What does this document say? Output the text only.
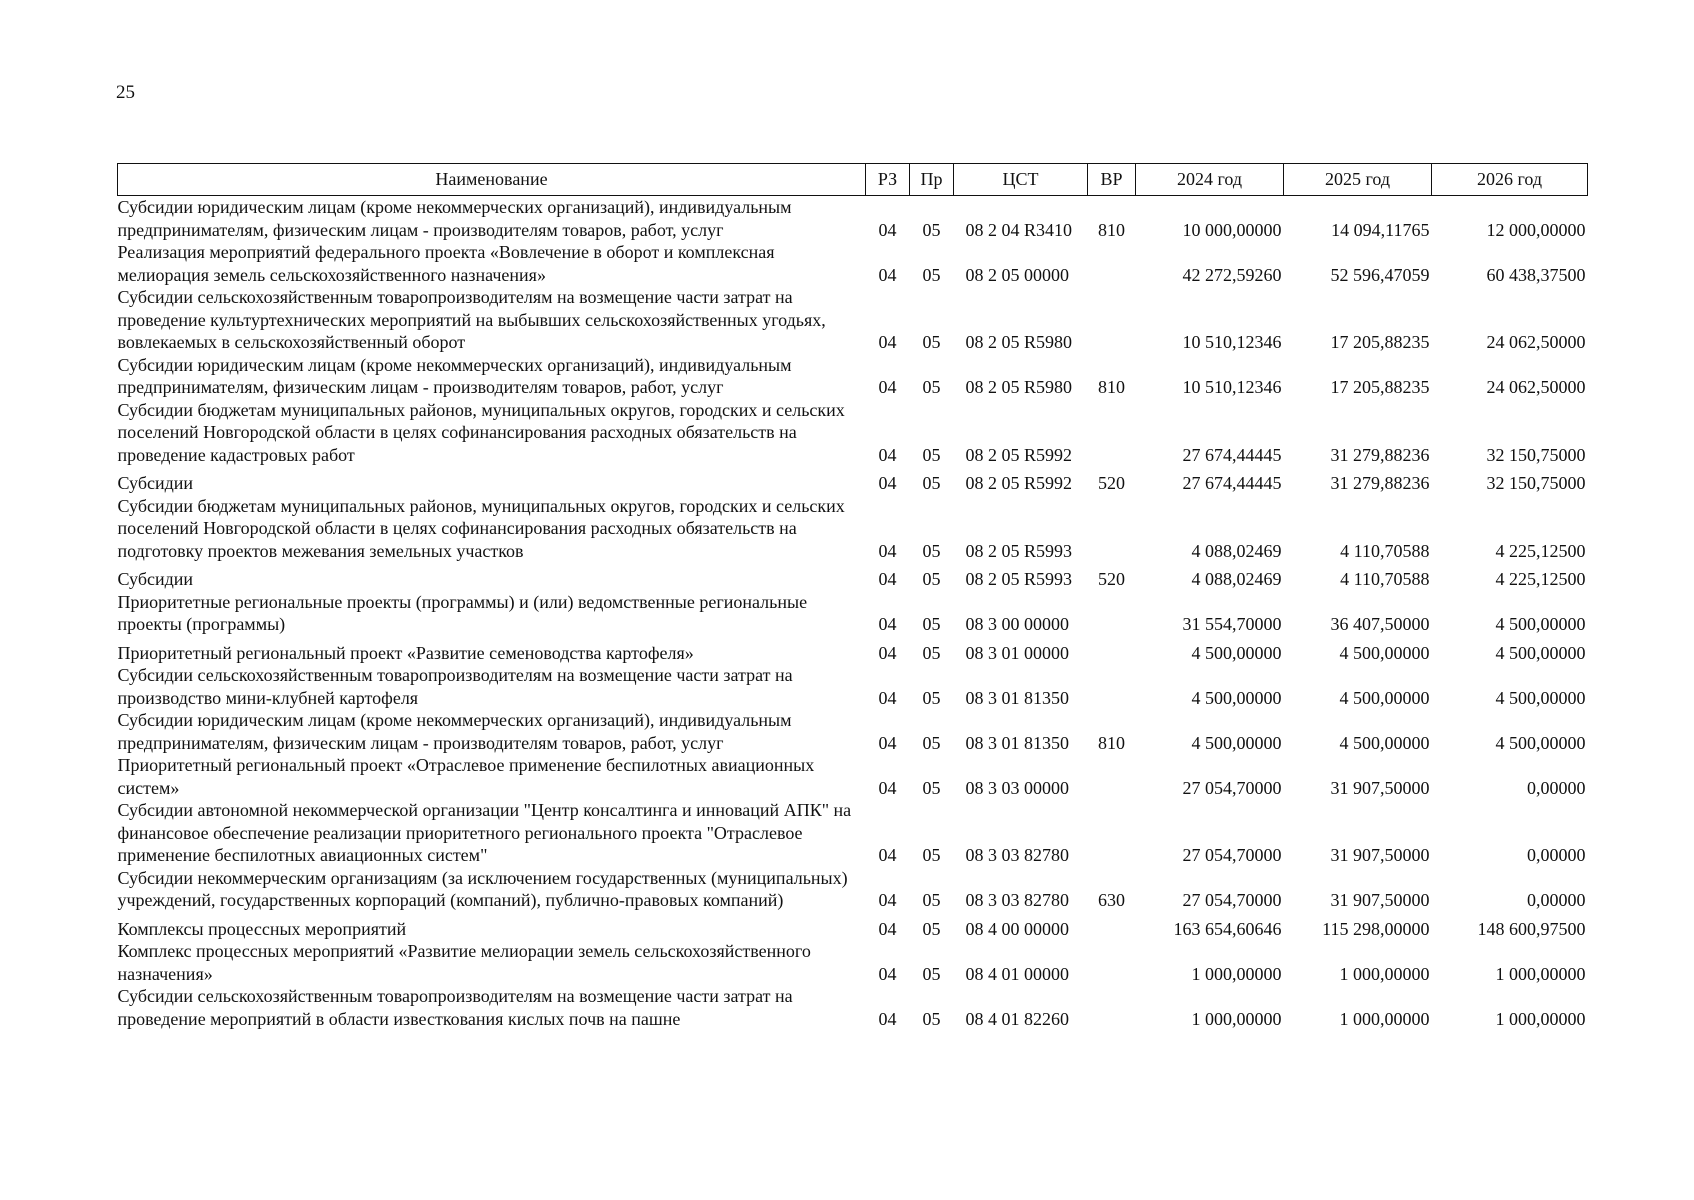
25
Наименование	РЗ	Пр	ЦСТ	ВР	2024 год	2025 год	2026 год
Субсидии юридическим лицам (кроме некоммерческих организаций), индивидуальным предпринимателям, физическим лицам - производителям товаров, работ, услуг	04	05	08 2 04 R3410	810	10 000,00000	14 094,11765	12 000,00000
Реализация мероприятий федерального проекта «Вовлечение в оборот и комплексная мелиорация земель сельскохозяйственного назначения»	04	05	08 2 05 00000		42 272,59260	52 596,47059	60 438,37500
Субсидии сельскохозяйственным товаропроизводителям на возмещение части затрат на проведение культуртехнических мероприятий на выбывших сельскохозяйственных угодьях, вовлекаемых в сельскохозяйственный оборот	04	05	08 2 05 R5980		10 510,12346	17 205,88235	24 062,50000
Субсидии юридическим лицам (кроме некоммерческих организаций), индивидуальным предпринимателям, физическим лицам - производителям товаров, работ, услуг	04	05	08 2 05 R5980	810	10 510,12346	17 205,88235	24 062,50000
Субсидии бюджетам муниципальных районов, муниципальных округов, городских и сельских поселений Новгородской области в целях софинансирования расходных обязательств на проведение кадастровых работ	04	05	08 2 05 R5992		27 674,44445	31 279,88236	32 150,75000
Субсидии	04	05	08 2 05 R5992	520	27 674,44445	31 279,88236	32 150,75000
Субсидии бюджетам муниципальных районов, муниципальных округов, городских и сельских поселений Новгородской области в целях софинансирования расходных обязательств на подготовку проектов межевания земельных участков	04	05	08 2 05 R5993		4 088,02469	4 110,70588	4 225,12500
Субсидии	04	05	08 2 05 R5993	520	4 088,02469	4 110,70588	4 225,12500
Приоритетные региональные проекты (программы) и (или) ведомственные региональные проекты (программы)	04	05	08 3 00 00000		31 554,70000	36 407,50000	4 500,00000
Приоритетный региональный проект «Развитие семеноводства картофеля»	04	05	08 3 01 00000		4 500,00000	4 500,00000	4 500,00000
Субсидии сельскохозяйственным товаропроизводителям на возмещение части затрат на производство мини-клубней картофеля	04	05	08 3 01 81350		4 500,00000	4 500,00000	4 500,00000
Субсидии юридическим лицам (кроме некоммерческих организаций), индивидуальным предпринимателям, физическим лицам - производителям товаров, работ, услуг	04	05	08 3 01 81350	810	4 500,00000	4 500,00000	4 500,00000
Приоритетный региональный проект «Отраслевое применение беспилотных авиационных систем»	04	05	08 3 03 00000		27 054,70000	31 907,50000	0,00000
Субсидии автономной некоммерческой организации "Центр консалтинга и инноваций АПК" на финансовое обеспечение реализации приоритетного регионального проекта "Отраслевое применение беспилотных авиационных систем"	04	05	08 3 03 82780		27 054,70000	31 907,50000	0,00000
Субсидии некоммерческим организациям (за исключением государственных (муниципальных) учреждений, государственных корпораций (компаний), публично-правовых компаний)	04	05	08 3 03 82780	630	27 054,70000	31 907,50000	0,00000
Комплексы процессных мероприятий	04	05	08 4 00 00000		163 654,60646	115 298,00000	148 600,97500
Комплекс процессных мероприятий «Развитие мелиорации земель сельскохозяйственного назначения»	04	05	08 4 01 00000		1 000,00000	1 000,00000	1 000,00000
Субсидии сельскохозяйственным товаропроизводителям на возмещение части затрат на проведение мероприятий в области известкования кислых почв на пашне	04	05	08 4 01 82260		1 000,00000	1 000,00000	1 000,00000
